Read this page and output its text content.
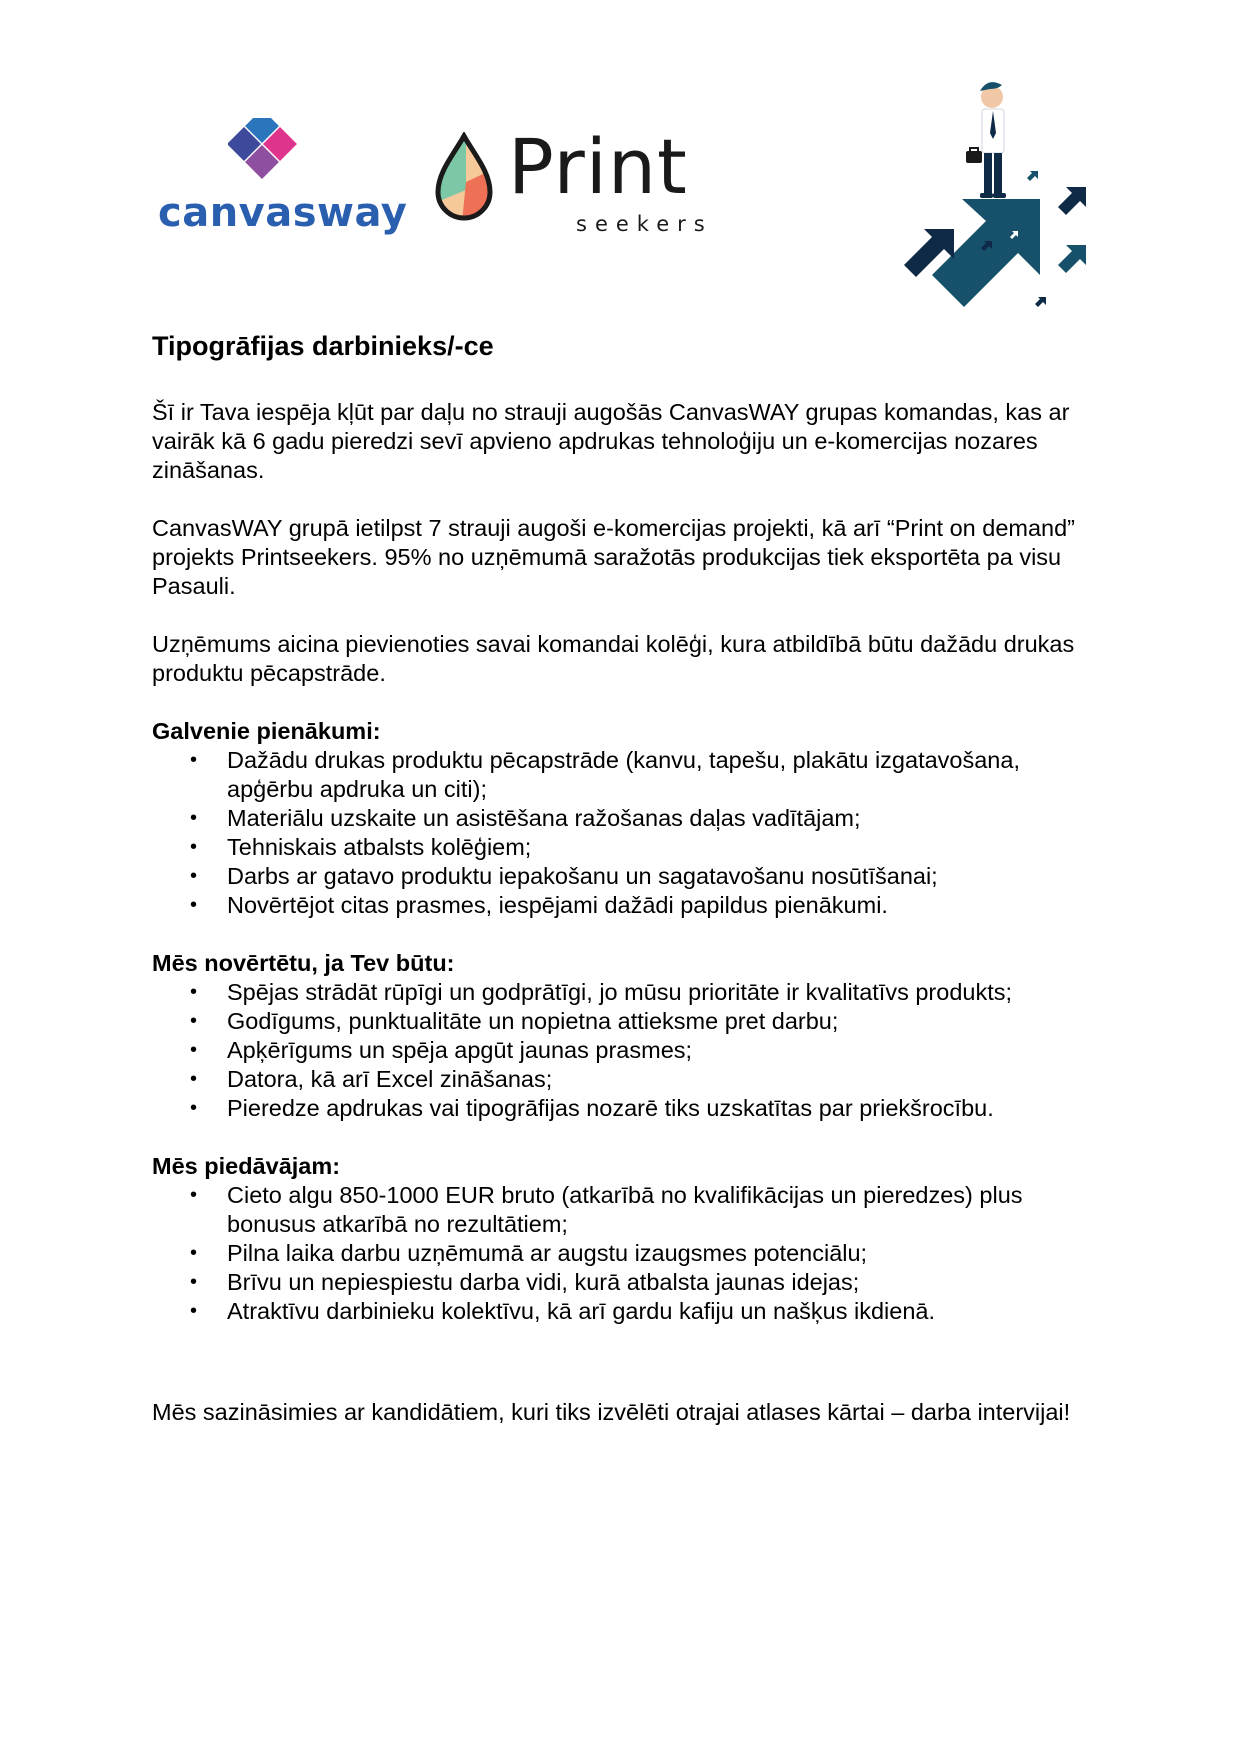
canvasway
Print
seekers
Tipogrāfijas darbinieks/-ce

Šī ir Tava iespēja kļūt par daļu no strauji augošās CanvasWAY grupas komandas, kas ar vairāk kā 6 gadu pieredzi sevī apvieno apdrukas tehnoloģiju un e-komercijas nozares zināšanas.

CanvasWAY grupā ietilpst 7 strauji augoši e-komercijas projekti, kā arī “Print on demand” projekts Printseekers. 95% no uzņēmumā saražotās produkcijas tiek eksportēta pa visu Pasauli.

Uzņēmums aicina pievienoties savai komandai kolēģi, kura atbildībā būtu dažādu drukas produktu pēcapstrāde.

Galvenie pienākumi:
• Dažādu drukas produktu pēcapstrāde (kanvu, tapešu, plakātu izgatavošana, apģērbu apdruka un citi);
• Materiālu uzskaite un asistēšana ražošanas daļas vadītājam;
• Tehniskais atbalsts kolēģiem;
• Darbs ar gatavo produktu iepakošanu un sagatavošanu nosūtīšanai;
• Novērtējot citas prasmes, iespējami dažādi papildus pienākumi.
Mēs novērtētu, ja Tev būtu:
• Spējas strādāt rūpīgi un godprātīgi, jo mūsu prioritāte ir kvalitatīvs produkts;
• Godīgums, punktualitāte un nopietna attieksme pret darbu;
• Apķērīgums un spēja apgūt jaunas prasmes;
• Datora, kā arī Excel zināšanas;
• Pieredze apdrukas vai tipogrāfijas nozarē tiks uzskatītas par priekšrocību.
Mēs piedāvājam:
• Cieto algu 850-1000 EUR bruto (atkarībā no kvalifikācijas un pieredzes) plus bonusus atkarībā no rezultātiem;
• Pilna laika darbu uzņēmumā ar augstu izaugsmes potenciālu;
• Brīvu un nepiespiestu darba vidi, kurā atbalsta jaunas idejas;
• Atraktīvu darbinieku kolektīvu, kā arī gardu kafiju un našķus ikdienā.

Mēs sazināsimies ar kandidātiem, kuri tiks izvēlēti otrajai atlases kārtai – darba intervijai!
